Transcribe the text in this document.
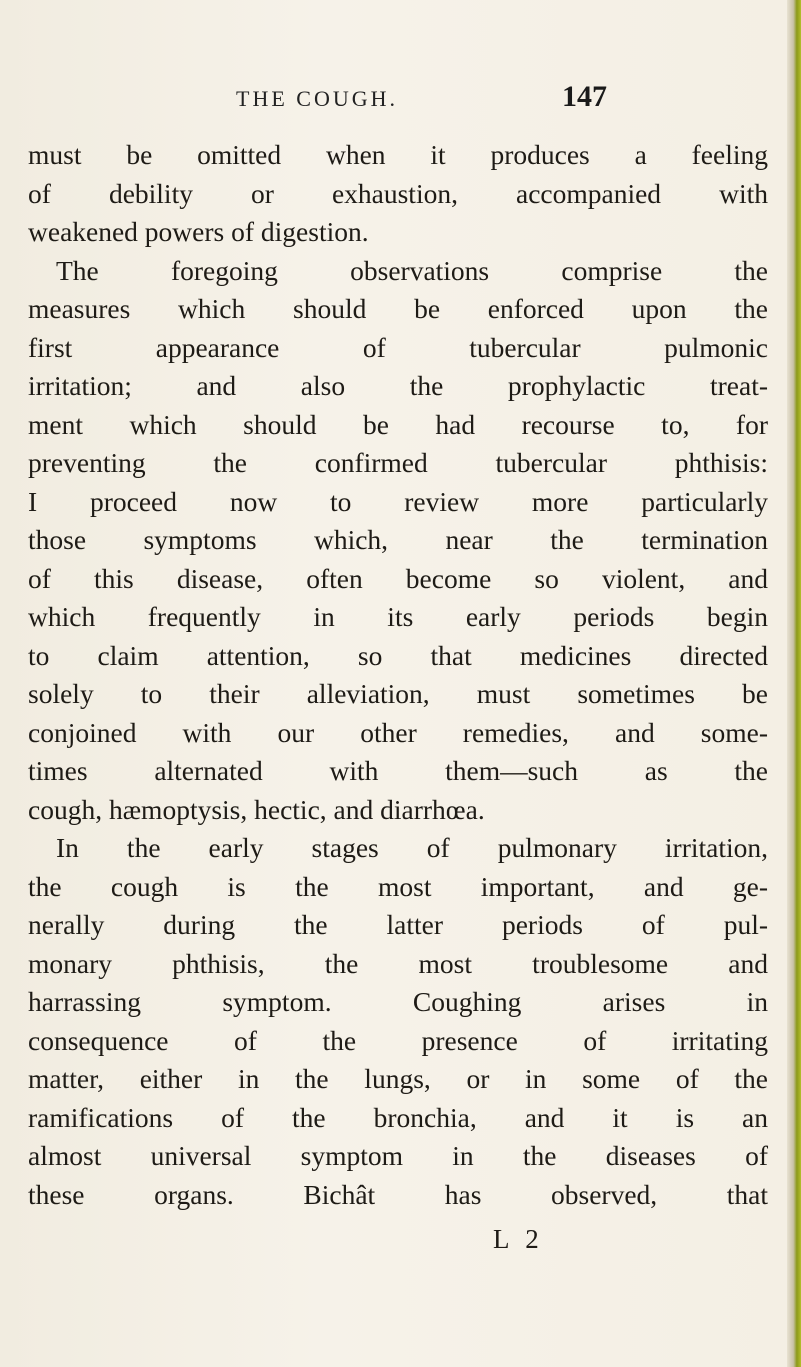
THE COUGH.	147
must be omitted when it produces a feeling
of debility or exhaustion, accompanied with
weakened powers of digestion.
The foregoing observations comprise the
measures which should be enforced upon the
first appearance of tubercular pulmonic
irritation; and also the prophylactic treat-
ment which should be had recourse to, for
preventing the confirmed tubercular phthisis:
I proceed now to review more particularly
those symptoms which, near the termination
of this disease, often become so violent, and
which frequently in its early periods begin
to claim attention, so that medicines directed
solely to their alleviation, must sometimes be
conjoined with our other remedies, and some-
times alternated with them—such as the
cough, hæmoptysis, hectic, and diarrhœa.
In the early stages of pulmonary irritation,
the cough is the most important, and ge-
nerally during the latter periods of pul-
monary phthisis, the most troublesome and
harrassing symptom. Coughing arises in
consequence of the presence of irritating
matter, either in the lungs, or in some of the
ramifications of the bronchia, and it is an
almost universal symptom in the diseases of
these organs. Bichât has observed, that
L 2
